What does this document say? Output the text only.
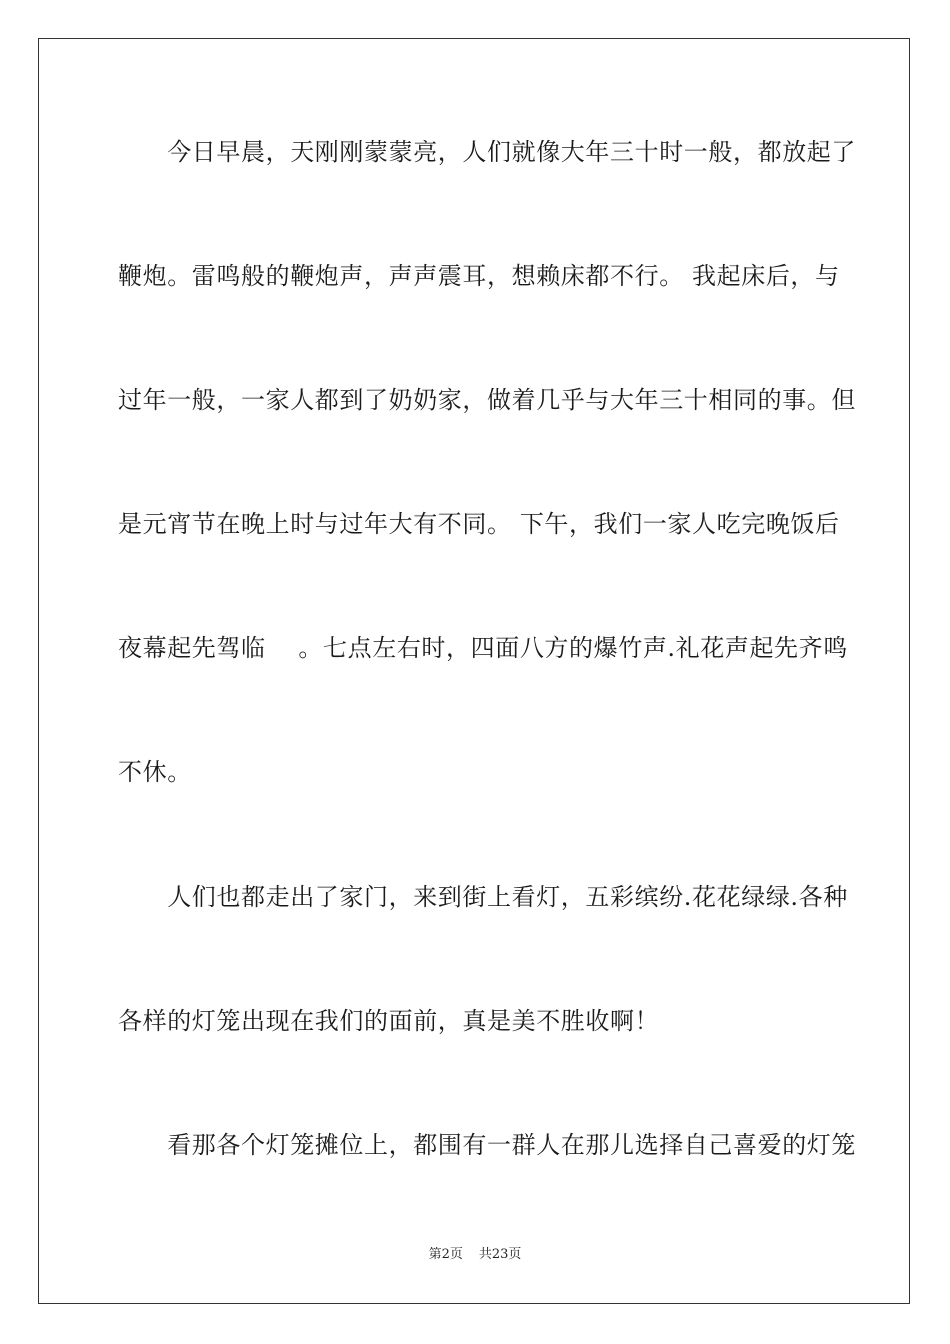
　　今日早晨，天刚刚蒙蒙亮，人们就像大年三十时一般，都放起了
鞭炮。雷鸣般的鞭炮声，声声震耳，想赖床都不行。 我起床后，与
过年一般，一家人都到了奶奶家，做着几乎与大年三十相同的事。但
是元宵节在晚上时与过年大有不同。 下午，我们一家人吃完晚饭后
夜幕起先驾临 　。七点左右时，四面八方的爆竹声.礼花声起先齐鸣
不休。
　　人们也都走出了家门，来到街上看灯，五彩缤纷.花花绿绿.各种
各样的灯笼出现在我们的面前，真是美不胜收啊！
　　看那各个灯笼摊位上，都围有一群人在那儿选择自己喜爱的灯笼
第2页 共23页
